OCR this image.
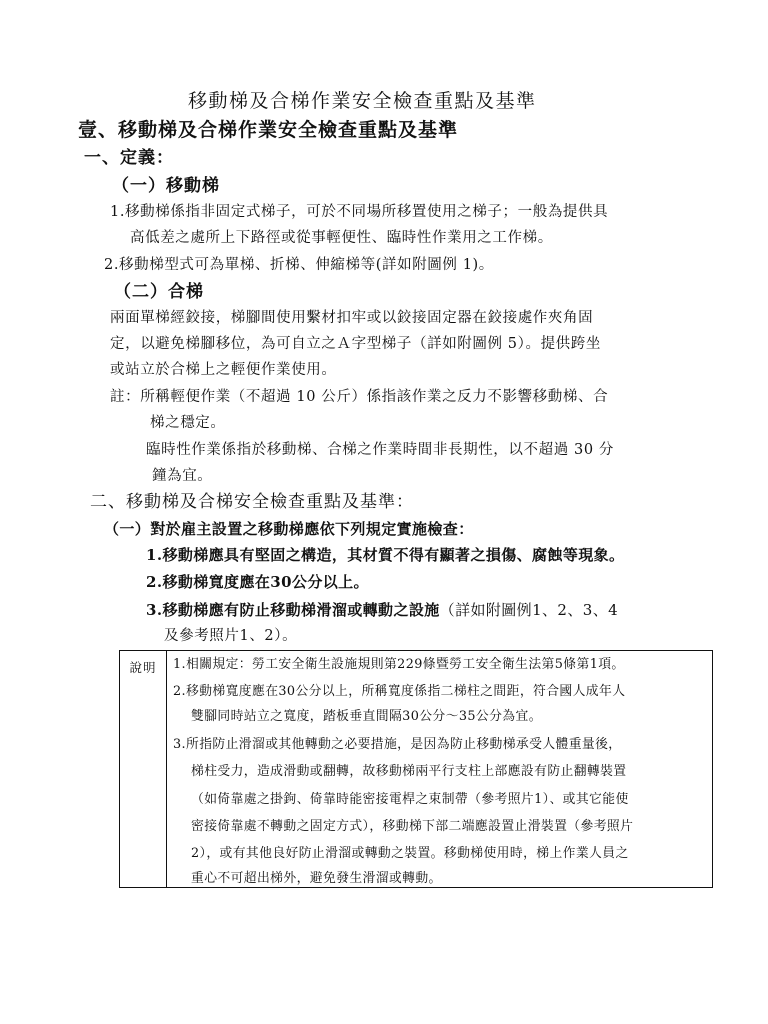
移動梯及合梯作業安全檢查重點及基準
壹、移動梯及合梯作業安全檢查重點及基準
一、定義：
（一）移動梯
1.移動梯係指非固定式梯子，可於不同場所移置使用之梯子；一般為提供具
高低差之處所上下路徑或從事輕便性、臨時性作業用之工作梯。
2.移動梯型式可為單梯、折梯、伸縮梯等(詳如附圖例 1)。
（二）合梯
兩面單梯經鉸接，梯腳間使用繫材扣牢或以鉸接固定器在鉸接處作夾角固
定，以避免梯腳移位，為可自立之Ａ字型梯子（詳如附圖例 5）。提供跨坐
或站立於合梯上之輕便作業使用。
註：所稱輕便作業（不超過 10 公斤）係指該作業之反力不影響移動梯、合
梯之穩定。
臨時性作業係指於移動梯、合梯之作業時間非長期性，以不超過 30 分
鐘為宜。
二、移動梯及合梯安全檢查重點及基準：
（一）對於雇主設置之移動梯應依下列規定實施檢查：
1.移動梯應具有堅固之構造，其材質不得有顯著之損傷、腐蝕等現象。
2.移動梯寬度應在30公分以上。
3.移動梯應有防止移動梯滑溜或轉動之設施（詳如附圖例1、2、3、4
及參考照片1、2）。
說明	1.相關規定：勞工安全衛生設施規則第229條暨勞工安全衛生法第5條第1項。
2.移動梯寬度應在30公分以上，所稱寬度係指二梯柱之間距，符合國人成年人
雙腳同時站立之寬度，踏板垂直間隔30公分～35公分為宜。
3.所指防止滑溜或其他轉動之必要措施，是因為防止移動梯承受人體重量後，
梯柱受力，造成滑動或翻轉，故移動梯兩平行支柱上部應設有防止翻轉裝置
（如倚靠處之掛鉤、倚靠時能密接電桿之束制帶（參考照片1）、或其它能使
密接倚靠處不轉動之固定方式），移動梯下部二端應設置止滑裝置（參考照片
2），或有其他良好防止滑溜或轉動之裝置。移動梯使用時，梯上作業人員之
重心不可超出梯外，避免發生滑溜或轉動。
